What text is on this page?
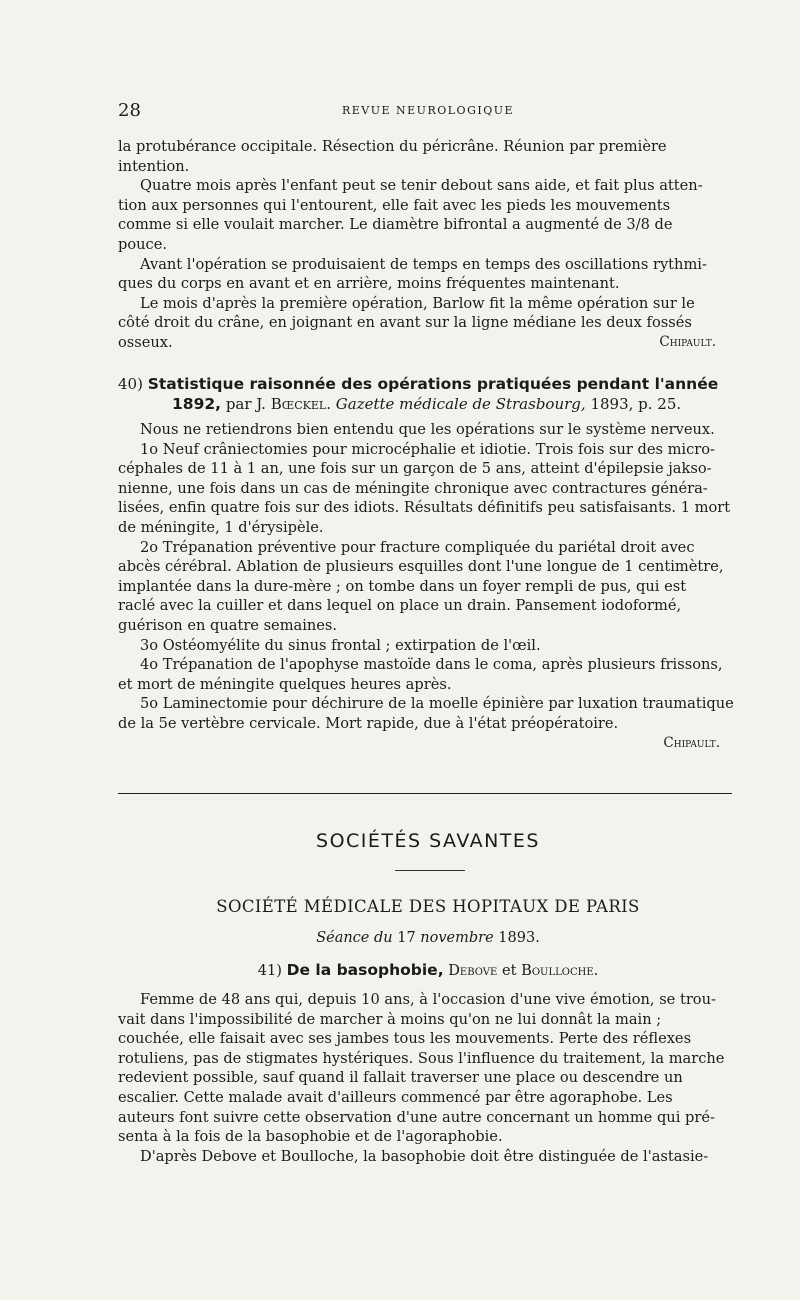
28	REVUE NEUROLOGIQUE

la protubérance occipitale. Résection du péricrâne. Réunion par première

intention.

Quatre mois après l'enfant peut se tenir debout sans aide, et fait plus atten-

tion aux personnes qui l'entourent, elle fait avec les pieds les mouvements

comme si elle voulait marcher. Le diamètre bifrontal a augmenté de 3/8 de

pouce.

Avant l'opération se produisaient de temps en temps des oscillations rythmi-

ques du corps en avant et en arrière, moins fréquentes maintenant.

Le mois d'après la première opération, Barlow fit la même opération sur le

côté droit du crâne, en joignant en avant sur la ligne médiane les deux fossés

osseux.	Chipault.

40) Statistique raisonnée des opérations pratiquées pendant l'année
1892, par J. Bœckel. Gazette médicale de Strasbourg, 1893, p. 25.

Nous ne retiendrons bien entendu que les opérations sur le système nerveux.

1o Neuf crâniectomies pour microcéphalie et idiotie. Trois fois sur des micro-

céphales de 11 à 1 an, une fois sur un garçon de 5 ans, atteint d'épilepsie jakso-

nienne, une fois dans un cas de méningite chronique avec contractures généra-

lisées, enfin quatre fois sur des idiots. Résultats définitifs peu satisfaisants. 1 mort

de méningite, 1 d'érysipèle.

2o Trépanation préventive pour fracture compliquée du pariétal droit avec

abcès cérébral. Ablation de plusieurs esquilles dont l'une longue de 1 centimètre,

implantée dans la dure-mère ; on tombe dans un foyer rempli de pus, qui est

raclé avec la cuiller et dans lequel on place un drain. Pansement iodoformé,

guérison en quatre semaines.

3o Ostéomyélite du sinus frontal ; extirpation de l'œil.

4o Trépanation de l'apophyse mastoïde dans le coma, après plusieurs frissons,

et mort de méningite quelques heures après.

5o Laminectomie pour déchirure de la moelle épinière par luxation traumatique

de la 5e vertèbre cervicale. Mort rapide, due à l'état préopératoire.

Chipault.

SOCIÉTÉS SAVANTES
SOCIÉTÉ MÉDICALE DES HOPITAUX DE PARIS
Séance du 17 novembre 1893.
41) De la basophobie, Debove et Boulloche.

Femme de 48 ans qui, depuis 10 ans, à l'occasion d'une vive émotion, se trou-

vait dans l'impossibilité de marcher à moins qu'on ne lui donnât la main ;

couchée, elle faisait avec ses jambes tous les mouvements. Perte des réflexes

rotuliens, pas de stigmates hystériques. Sous l'influence du traitement, la marche

redevient possible, sauf quand il fallait traverser une place ou descendre un

escalier. Cette malade avait d'ailleurs commencé par être agoraphobe. Les

auteurs font suivre cette observation d'une autre concernant un homme qui pré-

senta à la fois de la basophobie et de l'agoraphobie.

D'après Debove et Boulloche, la basophobie doit être distinguée de l'astasie-
